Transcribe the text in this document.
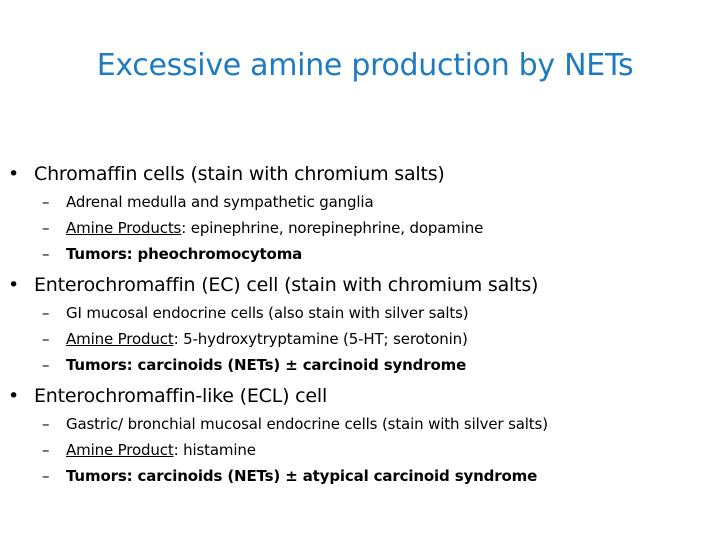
Excessive amine production by NETs
• Chromaffin cells (stain with chromium salts)
– Adrenal medulla and sympathetic ganglia
– Amine Products: epinephrine, norepinephrine, dopamine
– Tumors: pheochromocytoma
• Enterochromaffin (EC) cell (stain with chromium salts)
– GI mucosal endocrine cells (also stain with silver salts)
– Amine Product: 5-hydroxytryptamine (5-HT; serotonin)
– Tumors: carcinoids (NETs) ± carcinoid syndrome
• Enterochromaffin-like (ECL) cell
– Gastric/ bronchial mucosal endocrine cells (stain with silver salts)
– Amine Product: histamine
– Tumors: carcinoids (NETs) ± atypical carcinoid syndrome
